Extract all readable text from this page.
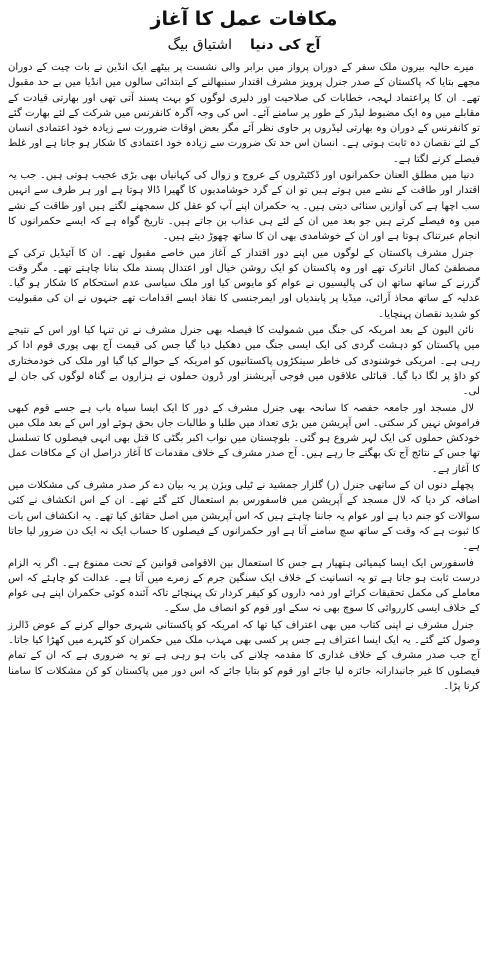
مکافات عمل کا آغاز
آج کی دنیا
اشتیاق بیگ

میرے حالیہ بیرون ملک سفر کے دوران پرواز میں برابر والی نشست پر بیٹھے ایک انڈین نے بات چیت کے دوران مجھے بتایا کہ پاکستان کے صدر جنرل پرویز مشرف اقتدار سنبھالنے کے ابتدائی سالوں میں انڈیا میں بے حد مقبول تھے۔ ان کا پراعتماد لہجہ، خطابات کی صلاحیت اور دلیری لوگوں کو بہت پسند آتی تھی اور بھارتی قیادت کے مقابلے میں وہ ایک مضبوط لیڈر کے طور پر سامنے آئے۔ اس کی وجہ آگرہ کانفرنس میں شرکت کے لئے بھارت گئے تو کانفرنس کے دوران وہ بھارتی لیڈروں پر حاوی نظر آئے مگر بعض اوقات ضرورت سے زیادہ خود اعتمادی انسان کے لئے نقصان دہ ثابت ہوتی ہے۔ انسان اس حد تک ضرورت سے زیادہ خود اعتمادی کا شکار ہو جاتا ہے اور غلط فیصلے کرنے لگتا ہے۔

دنیا میں مطلق العنان حکمرانوں اور ڈکٹیٹروں کے عروج و زوال کی کہانیاں بھی بڑی عجیب ہوتی ہیں۔ جب یہ اقتدار اور طاقت کے نشے میں ہوتے ہیں تو ان کے گرد خوشامدیوں کا گھیرا ڈالا ہوتا ہے اور ہر طرف سے انہیں سب اچھا ہے کی آوازیں سنائی دیتی ہیں۔ یہ حکمران اپنے آپ کو عقل کل سمجھنے لگتے ہیں اور طاقت کے نشے میں وہ فیصلے کرتے ہیں جو بعد میں ان کے لئے ہی عذاب بن جاتے ہیں۔ تاریخ گواہ ہے کہ ایسے حکمرانوں کا انجام عبرتناک ہوتا ہے اور ان کے خوشامدی بھی ان کا ساتھ چھوڑ دیتے ہیں۔

جنرل مشرف پاکستان کے لوگوں میں اپنے دور اقتدار کے آغاز میں خاصے مقبول تھے۔ ان کا آئیڈیل ترکی کے مصطفیٰ کمال اتاترک تھے اور وہ پاکستان کو ایک روشن خیال اور اعتدال پسند ملک بنانا چاہتے تھے۔ مگر وقت گزرنے کے ساتھ ساتھ ان کی پالیسیوں نے عوام کو مایوس کیا اور ملک سیاسی عدم استحکام کا شکار ہو گیا۔ عدلیہ کے ساتھ محاذ آرائی، میڈیا پر پابندیاں اور ایمرجنسی کا نفاذ ایسے اقدامات تھے جنہوں نے ان کی مقبولیت کو شدید نقصان پہنچایا۔

نائن الیون کے بعد امریکہ کی جنگ میں شمولیت کا فیصلہ بھی جنرل مشرف نے تن تنہا کیا اور اس کے نتیجے میں پاکستان کو دہشت گردی کی ایک ایسی جنگ میں دھکیل دیا گیا جس کی قیمت آج بھی پوری قوم ادا کر رہی ہے۔ امریکی خوشنودی کی خاطر سینکڑوں پاکستانیوں کو امریکہ کے حوالے کیا گیا اور ملک کی خودمختاری کو داؤ پر لگا دیا گیا۔ قبائلی علاقوں میں فوجی آپریشنز اور ڈرون حملوں نے ہزاروں بے گناہ لوگوں کی جان لے لی۔

لال مسجد اور جامعہ حفصہ کا سانحہ بھی جنرل مشرف کے دور کا ایک ایسا سیاہ باب ہے جسے قوم کبھی فراموش نہیں کر سکتی۔ اس آپریشن میں بڑی تعداد میں طلبا و طالبات جاں بحق ہوئے اور اس کے بعد ملک میں خودکش حملوں کی ایک لہر شروع ہو گئی۔ بلوچستان میں نواب اکبر بگٹی کا قتل بھی انہی فیصلوں کا تسلسل تھا جس کے نتائج آج تک بھگتے جا رہے ہیں۔ آج صدر مشرف کے خلاف مقدمات کا آغاز دراصل ان کے مکافات عمل کا آغاز ہے۔

پچھلے دنوں ان کے ساتھی جنرل (ر) گلزار جمشید نے ٹیلی ویژن پر یہ بیان دے کر صدر مشرف کی مشکلات میں اضافہ کر دیا کہ لال مسجد کے آپریشن میں فاسفورس بم استعمال کئے گئے تھے۔ ان کے اس انکشاف نے کئی سوالات کو جنم دیا ہے اور عوام یہ جاننا چاہتے ہیں کہ اس آپریشن میں اصل حقائق کیا تھے۔ یہ انکشاف اس بات کا ثبوت ہے کہ وقت کے ساتھ سچ سامنے آتا ہے اور حکمرانوں کے فیصلوں کا حساب ایک نہ ایک دن ضرور لیا جاتا ہے۔

فاسفورس ایک ایسا کیمیائی ہتھیار ہے جس کا استعمال بین الاقوامی قوانین کے تحت ممنوع ہے۔ اگر یہ الزام درست ثابت ہو جاتا ہے تو یہ انسانیت کے خلاف ایک سنگین جرم کے زمرے میں آتا ہے۔ عدالت کو چاہئے کہ اس معاملے کی مکمل تحقیقات کرائے اور ذمہ داروں کو کیفر کردار تک پہنچائے تاکہ آئندہ کوئی حکمران اپنے ہی عوام کے خلاف ایسی کارروائی کا سوچ بھی نہ سکے اور قوم کو انصاف مل سکے۔

جنرل مشرف نے اپنی کتاب میں بھی اعتراف کیا تھا کہ امریکہ کو پاکستانی شہری حوالے کرنے کے عوض ڈالرز وصول کئے گئے۔ یہ ایک ایسا اعتراف ہے جس پر کسی بھی مہذب ملک میں حکمران کو کٹہرے میں کھڑا کیا جاتا۔ آج جب صدر مشرف کے خلاف غداری کا مقدمہ چلانے کی بات ہو رہی ہے تو یہ ضروری ہے کہ ان کے تمام فیصلوں کا غیر جانبدارانہ جائزہ لیا جائے اور قوم کو بتایا جائے کہ اس دور میں پاکستان کو کن مشکلات کا سامنا کرنا پڑا۔
